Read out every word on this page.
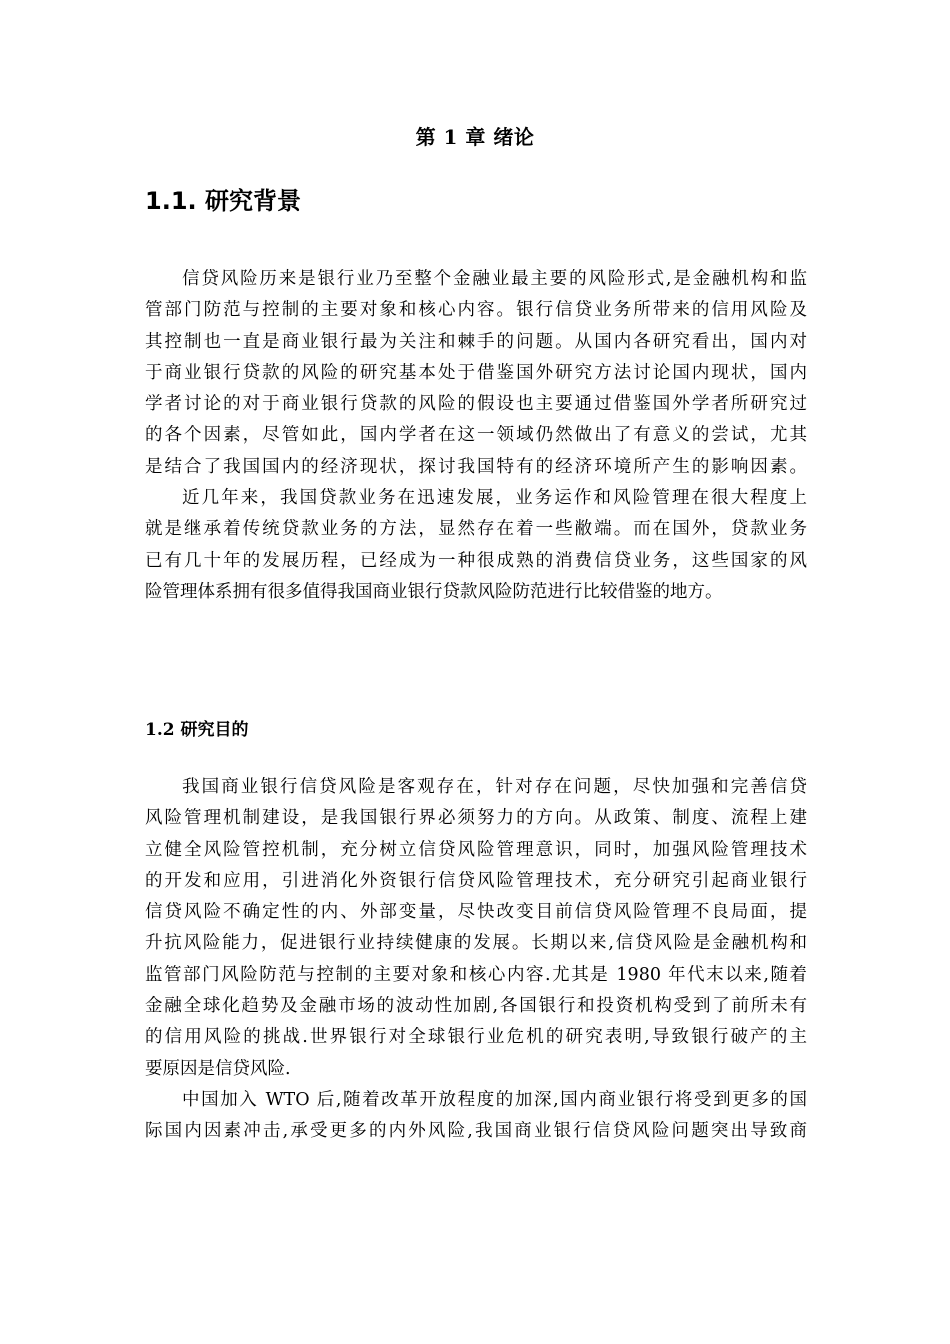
第 1 章 绪论
1.1. 研究背景
信贷风险历来是银行业乃至整个金融业最主要的风险形式,是金融机构和监
管部门防范与控制的主要对象和核心内容。银行信贷业务所带来的信用风险及
其控制也一直是商业银行最为关注和棘手的问题。从国内各研究看出，国内对
于商业银行贷款的风险的研究基本处于借鉴国外研究方法讨论国内现状，国内
学者讨论的对于商业银行贷款的风险的假设也主要通过借鉴国外学者所研究过
的各个因素，尽管如此，国内学者在这一领域仍然做出了有意义的尝试，尤其
是结合了我国国内的经济现状，探讨我国特有的经济环境所产生的影响因素。
近几年来，我国贷款业务在迅速发展，业务运作和风险管理在很大程度上
就是继承着传统贷款业务的方法，显然存在着一些敝端。而在国外，贷款业务
已有几十年的发展历程，已经成为一种很成熟的消费信贷业务，这些国家的风
险管理体系拥有很多值得我国商业银行贷款风险防范进行比较借鉴的地方。
1.2 研究目的
我国商业银行信贷风险是客观存在，针对存在问题，尽快加强和完善信贷
风险管理机制建设，是我国银行界必须努力的方向。从政策、制度、流程上建
立健全风险管控机制，充分树立信贷风险管理意识，同时，加强风险管理技术
的开发和应用，引进消化外资银行信贷风险管理技术，充分研究引起商业银行
信贷风险不确定性的内、外部变量，尽快改变目前信贷风险管理不良局面，提
升抗风险能力，促进银行业持续健康的发展。长期以来,信贷风险是金融机构和
监管部门风险防范与控制的主要对象和核心内容.尤其是 1980 年代末以来,随着
金融全球化趋势及金融市场的波动性加剧,各国银行和投资机构受到了前所未有
的信用风险的挑战.世界银行对全球银行业危机的研究表明,导致银行破产的主
要原因是信贷风险.
中国加入 WTO 后,随着改革开放程度的加深,国内商业银行将受到更多的国
际国内因素冲击,承受更多的内外风险,我国商业银行信贷风险问题突出导致商
